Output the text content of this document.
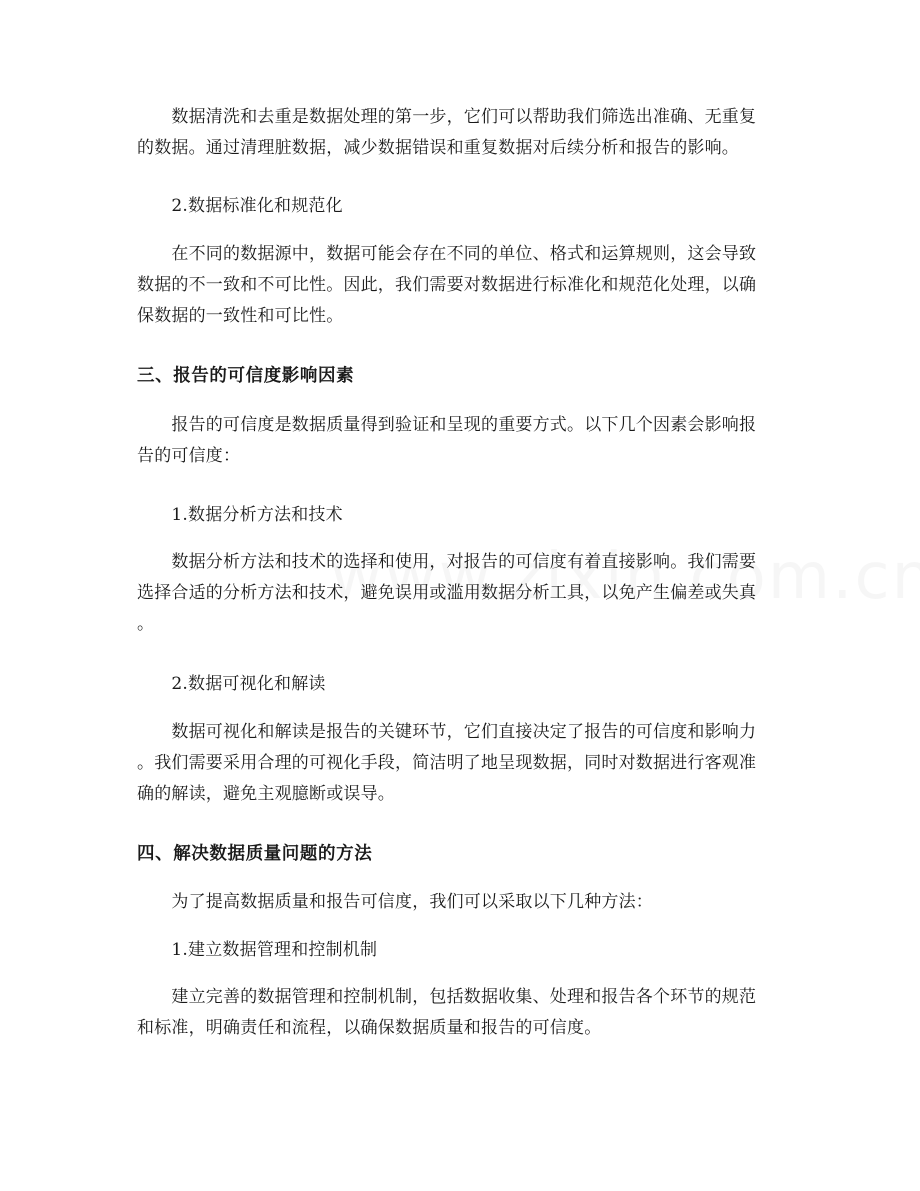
　　数据清洗和去重是数据处理的第一步，它们可以帮助我们筛选出准确、无重复
的数据。通过清理脏数据，减少数据错误和重复数据对后续分析和报告的影响。
　　2.数据标准化和规范化
　　在不同的数据源中，数据可能会存在不同的单位、格式和运算规则，这会导致
数据的不一致和不可比性。因此，我们需要对数据进行标准化和规范化处理，以确
保数据的一致性和可比性。
三、报告的可信度影响因素
　　报告的可信度是数据质量得到验证和呈现的重要方式。以下几个因素会影响报
告的可信度：
　　1.数据分析方法和技术
　　数据分析方法和技术的选择和使用，对报告的可信度有着直接影响。我们需要
选择合适的分析方法和技术，避免误用或滥用数据分析工具，以免产生偏差或失真
。
　　2.数据可视化和解读
　　数据可视化和解读是报告的关键环节，它们直接决定了报告的可信度和影响力
。我们需要采用合理的可视化手段，简洁明了地呈现数据，同时对数据进行客观准
确的解读，避免主观臆断或误导。
四、解决数据质量问题的方法
　　为了提高数据质量和报告可信度，我们可以采取以下几种方法：
　　1.建立数据管理和控制机制
　　建立完善的数据管理和控制机制，包括数据收集、处理和报告各个环节的规范
和标准，明确责任和流程，以确保数据质量和报告的可信度。
